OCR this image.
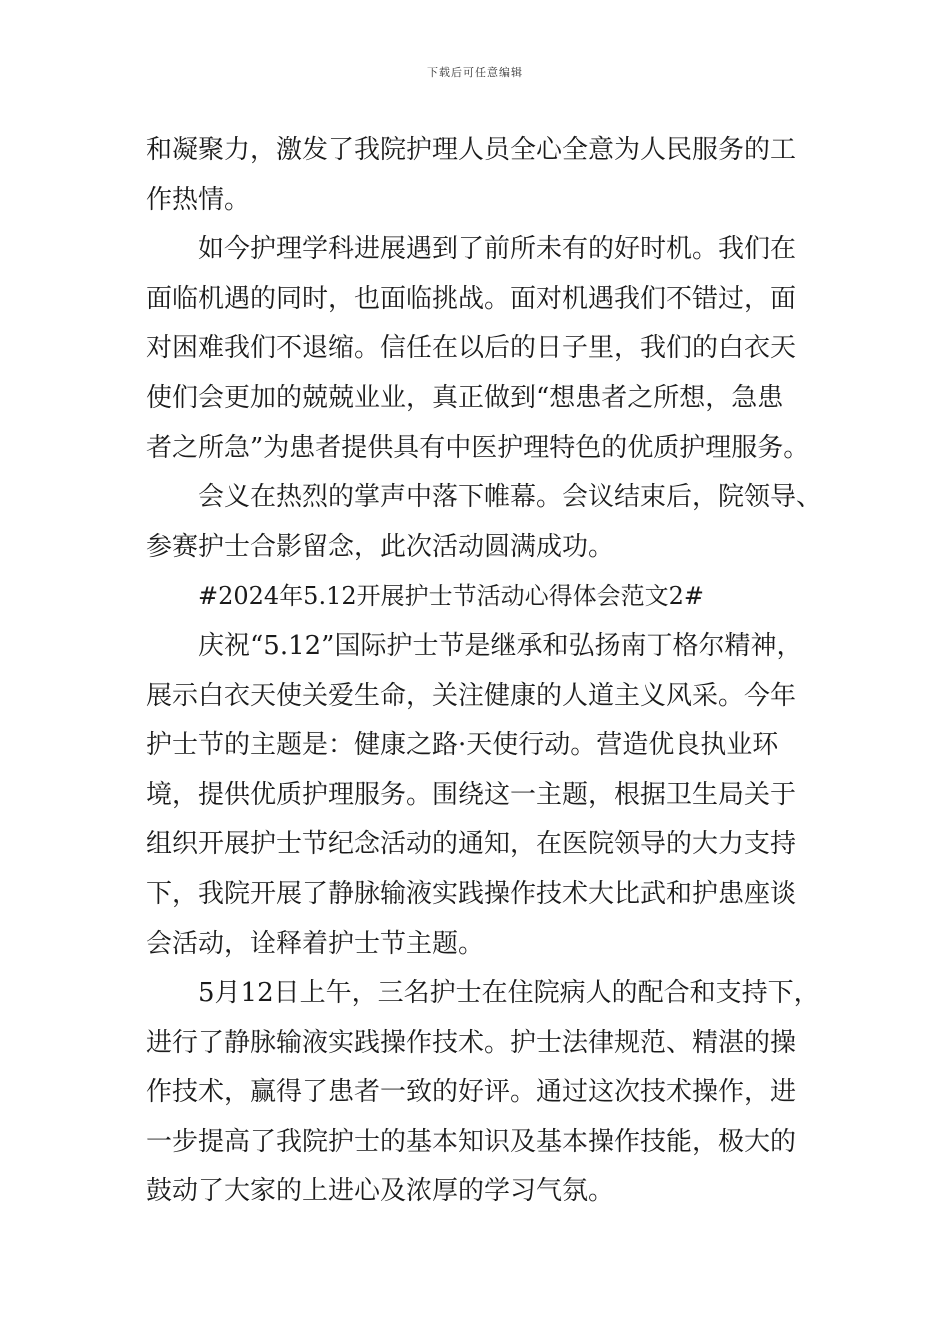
下载后可任意编辑
和凝聚力，激发了我院护理人员全心全意为人民服务的工
作热情。
如今护理学科进展遇到了前所未有的好时机。我们在
面临机遇的同时，也面临挑战。面对机遇我们不错过，面
对困难我们不退缩。信任在以后的日子里，我们的白衣天
使们会更加的兢兢业业，真正做到“想患者之所想，急患
者之所急”为患者提供具有中医护理特色的优质护理服务。
会义在热烈的掌声中落下帷幕。会议结束后，院领导、
参赛护士合影留念，此次活动圆满成功。
#2024年5.12开展护士节活动心得体会范文2#
庆祝“5.12”国际护士节是继承和弘扬南丁格尔精神，
展示白衣天使关爱生命，关注健康的人道主义风采。今年
护士节的主题是：健康之路·天使行动。营造优良执业环
境，提供优质护理服务。围绕这一主题，根据卫生局关于
组织开展护士节纪念活动的通知，在医院领导的大力支持
下，我院开展了静脉输液实践操作技术大比武和护患座谈
会活动，诠释着护士节主题。
5月12日上午，三名护士在住院病人的配合和支持下，
进行了静脉输液实践操作技术。护士法律规范、精湛的操
作技术，赢得了患者一致的好评。通过这次技术操作，进
一步提高了我院护士的基本知识及基本操作技能，极大的
鼓动了大家的上进心及浓厚的学习气氛。
